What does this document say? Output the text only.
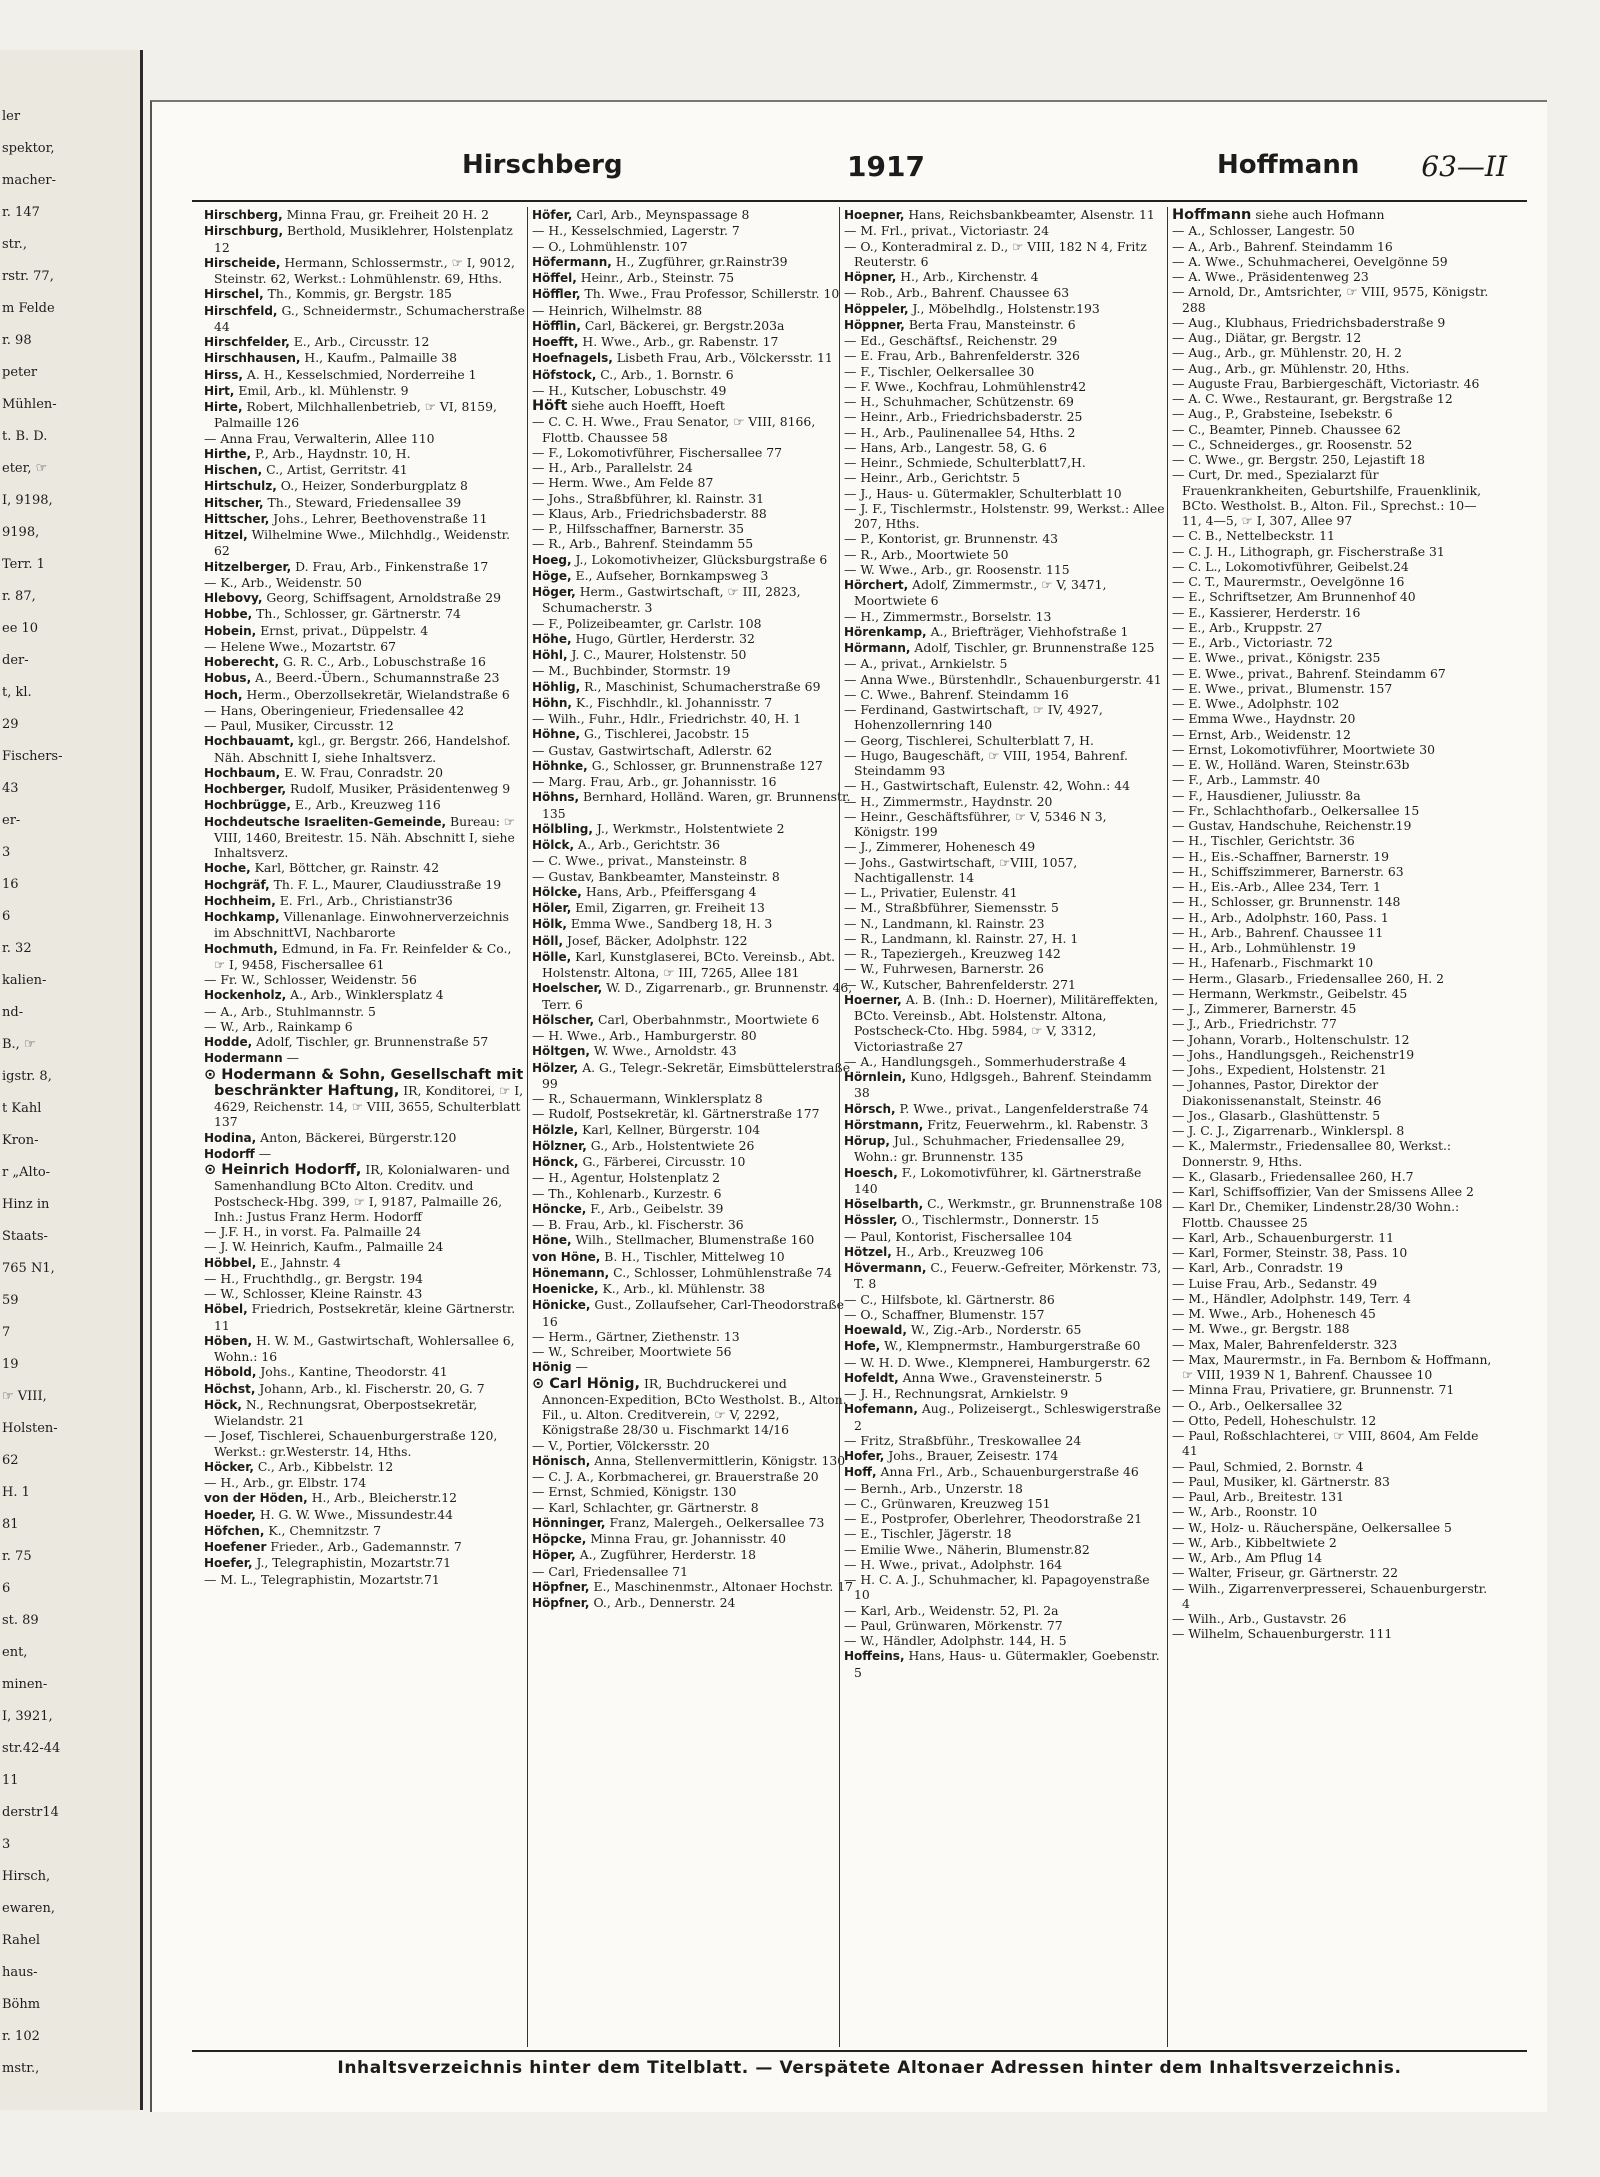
ler
spektor,
macher-
r. 147
str.,
rstr. 77,
m Felde
r. 98
peter
Mühlen-
t. B. D.
eter, ☞
I, 9198,
9198,
Terr. 1
r. 87,
ee 10
der-
t, kl.
29
Fischers-
43
er-
3
16
6
r. 32
kalien-
nd-
B., ☞
igstr. 8,
t Kahl
Kron-
r „Alto-
Hinz in
Staats-
765 N1,
59
7
19
☞ VIII,
Holsten-
62
H. 1
81
r. 75
6
st. 89
ent,
minen-
I, 3921,
str.42-44
11
derstr14
3
Hirsch,
ewaren,
Rahel
haus-
Böhm
r. 102
mstr.,
Hirschberg	1917	Hoffmann 63—II

Hirschberg, Minna Frau, gr. Freiheit 20 H. 2

Hirschburg, Berthold, Musiklehrer, Holstenplatz 12

Hirscheide, Hermann, Schlossermstr., ☞ I, 9012, Steinstr. 62, Werkst.: Lohmühlenstr. 69, Hths.

Hirschel, Th., Kommis, gr. Bergstr. 185

Hirschfeld, G., Schneidermstr., Schumacherstraße 44

Hirschfelder, E., Arb., Circusstr. 12

Hirschhausen, H., Kaufm., Palmaille 38

Hirss, A. H., Kesselschmied, Norderreihe 1

Hirt, Emil, Arb., kl. Mühlenstr. 9

Hirte, Robert, Milchhallenbetrieb, ☞ VI, 8159, Palmaille 126

— Anna Frau, Verwalterin, Allee 110

Hirthe, P., Arb., Haydnstr. 10, H.

Hischen, C., Artist, Gerritstr. 41

Hirtschulz, O., Heizer, Sonderburgplatz 8

Hitscher, Th., Steward, Friedensallee 39

Hittscher, Johs., Lehrer, Beethovenstraße 11

Hitzel, Wilhelmine Wwe., Milchhdlg., Weidenstr. 62

Hitzelberger, D. Frau, Arb., Finkenstraße 17

— K., Arb., Weidenstr. 50

Hlebovy, Georg, Schiffsagent, Arnoldstraße 29

Hobbe, Th., Schlosser, gr. Gärtnerstr. 74

Hobein, Ernst, privat., Düppelstr. 4

— Helene Wwe., Mozartstr. 67

Hoberecht, G. R. C., Arb., Lobuschstraße 16

Hobus, A., Beerd.-Übern., Schumannstraße 23

Hoch, Herm., Oberzollsekretär, Wielandstraße 6

— Hans, Oberingenieur, Friedensallee 42

— Paul, Musiker, Circusstr. 12

Hochbauamt, kgl., gr. Bergstr. 266, Handelshof. Näh. Abschnitt I, siehe Inhaltsverz.

Hochbaum, E. W. Frau, Conradstr. 20

Hochberger, Rudolf, Musiker, Präsidentenweg 9

Hochbrügge, E., Arb., Kreuzweg 116

Hochdeutsche Israeliten-Gemeinde, Bureau: ☞ VIII, 1460, Breitestr. 15. Näh. Abschnitt I, siehe Inhaltsverz.

Hoche, Karl, Böttcher, gr. Rainstr. 42

Hochgräf, Th. F. L., Maurer, Claudiusstraße 19

Hochheim, E. Frl., Arb., Christianstr36

Hochkamp, Villenanlage. Einwohnerverzeichnis im AbschnittVI, Nachbarorte

Hochmuth, Edmund, in Fa. Fr. Reinfelder & Co., ☞ I, 9458, Fischersallee 61

— Fr. W., Schlosser, Weidenstr. 56

Hockenholz, A., Arb., Winklersplatz 4

— A., Arb., Stuhlmannstr. 5

— W., Arb., Rainkamp 6

Hodde, Adolf, Tischler, gr. Brunnenstraße 57

Hodermann —

⊙ Hodermann & Sohn, Gesellschaft mit beschränkter Haftung, IR, Konditorei, ☞ I, 4629, Reichenstr. 14, ☞ VIII, 3655, Schulterblatt 137

Hodina, Anton, Bäckerei, Bürgerstr.120

Hodorff —

⊙ Heinrich Hodorff, IR, Kolonialwaren- und Samenhandlung BCto Alton. Creditv. und Postscheck-Hbg. 399, ☞ I, 9187, Palmaille 26, Inh.: Justus Franz Herm. Hodorff

— J.F. H., in vorst. Fa. Palmaille 24

— J. W. Heinrich, Kaufm., Palmaille 24

Höbbel, E., Jahnstr. 4

— H., Fruchthdlg., gr. Bergstr. 194

— W., Schlosser, Kleine Rainstr. 43

Höbel, Friedrich, Postsekretär, kleine Gärtnerstr. 11

Höben, H. W. M., Gastwirtschaft, Wohlersallee 6, Wohn.: 16

Höbold, Johs., Kantine, Theodorstr. 41

Höchst, Johann, Arb., kl. Fischerstr. 20, G. 7

Höck, N., Rechnungsrat, Oberpostsekretär, Wielandstr. 21

— Josef, Tischlerei, Schauenburgerstraße 120, Werkst.: gr.Westerstr. 14, Hths.

Höcker, C., Arb., Kibbelstr. 12

— H., Arb., gr. Elbstr. 174

von der Höden, H., Arb., Bleicherstr.12

Hoeder, H. G. W. Wwe., Missundestr.44

Höfchen, K., Chemnitzstr. 7

Hoefener Frieder., Arb., Gademannstr. 7

Hoefer, J., Telegraphistin, Mozartstr.71

— M. L., Telegraphistin, Mozartstr.71

Höfer, Carl, Arb., Meynspassage 8

— H., Kesselschmied, Lagerstr. 7

— O., Lohmühlenstr. 107

Höfermann, H., Zugführer, gr.Rainstr39

Höffel, Heinr., Arb., Steinstr. 75

Höffler, Th. Wwe., Frau Professor, Schillerstr. 10

— Heinrich, Wilhelmstr. 88

Höfflin, Carl, Bäckerei, gr. Bergstr.203a

Hoefft, H. Wwe., Arb., gr. Rabenstr. 17

Hoefnagels, Lisbeth Frau, Arb., Völckersstr. 11

Höfstock, C., Arb., 1. Bornstr. 6

— H., Kutscher, Lobuschstr. 49

Höft siehe auch Hoefft, Hoeft

— C. C. H. Wwe., Frau Senator, ☞ VIII, 8166, Flottb. Chaussee 58

— F., Lokomotivführer, Fischersallee 77

— H., Arb., Parallelstr. 24

— Herm. Wwe., Am Felde 87

— Johs., Straßbführer, kl. Rainstr. 31

— Klaus, Arb., Friedrichsbaderstr. 88

— P., Hilfsschaffner, Barnerstr. 35

— R., Arb., Bahrenf. Steindamm 55

Hoeg, J., Lokomotivheizer, Glücksburgstraße 6

Höge, E., Aufseher, Bornkampsweg 3

Höger, Herm., Gastwirtschaft, ☞ III, 2823, Schumacherstr. 3

— F., Polizeibeamter, gr. Carlstr. 108

Höhe, Hugo, Gürtler, Herderstr. 32

Höhl, J. C., Maurer, Holstenstr. 50

— M., Buchbinder, Stormstr. 19

Höhlig, R., Maschinist, Schumacherstraße 69

Höhn, K., Fischhdlr., kl. Johannisstr. 7

— Wilh., Fuhr., Hdlr., Friedrichstr. 40, H. 1

Höhne, G., Tischlerei, Jacobstr. 15

— Gustav, Gastwirtschaft, Adlerstr. 62

Höhnke, G., Schlosser, gr. Brunnenstraße 127

— Marg. Frau, Arb., gr. Johannisstr. 16

Höhns, Bernhard, Holländ. Waren, gr. Brunnenstr. 135

Hölbling, J., Werkmstr., Holstentwiete 2

Hölck, A., Arb., Gerichtstr. 36

— C. Wwe., privat., Mansteinstr. 8

— Gustav, Bankbeamter, Mansteinstr. 8

Hölcke, Hans, Arb., Pfeiffersgang 4

Höler, Emil, Zigarren, gr. Freiheit 13

Hölk, Emma Wwe., Sandberg 18, H. 3

Höll, Josef, Bäcker, Adolphstr. 122

Hölle, Karl, Kunstglaserei, BCto. Vereinsb., Abt. Holstenstr. Altona, ☞ III, 7265, Allee 181

Hoelscher, W. D., Zigarrenarb., gr. Brunnenstr. 46, Terr. 6

Hölscher, Carl, Oberbahnmstr., Moortwiete 6

— H. Wwe., Arb., Hamburgerstr. 80

Höltgen, W. Wwe., Arnoldstr. 43

Hölzer, A. G., Telegr.-Sekretär, Eimsbüttelerstraße 99

— R., Schauermann, Winklersplatz 8

— Rudolf, Postsekretär, kl. Gärtnerstraße 177

Hölzle, Karl, Kellner, Bürgerstr. 104

Hölzner, G., Arb., Holstentwiete 26

Hönck, G., Färberei, Circusstr. 10

— H., Agentur, Holstenplatz 2

— Th., Kohlenarb., Kurzestr. 6

Höncke, F., Arb., Geibelstr. 39

— B. Frau, Arb., kl. Fischerstr. 36

Höne, Wilh., Stellmacher, Blumenstraße 160

von Höne, B. H., Tischler, Mittelweg 10

Hönemann, C., Schlosser, Lohmühlenstraße 74

Hoenicke, K., Arb., kl. Mühlenstr. 38

Hönicke, Gust., Zollaufseher, Carl-Theodorstraße 16

— Herm., Gärtner, Ziethenstr. 13

— W., Schreiber, Moortwiete 56

Hönig —

⊙ Carl Hönig, IR, Buchdruckerei und Annoncen-Expedition, BCto Westholst. B., Alton. Fil., u. Alton. Creditverein, ☞ V, 2292, Königstraße 28/30 u. Fischmarkt 14/16

— V., Portier, Völckersstr. 20

Hönisch, Anna, Stellenvermittlerin, Königstr. 130

— C. J. A., Korbmacherei, gr. Brauerstraße 20

— Ernst, Schmied, Königstr. 130

— Karl, Schlachter, gr. Gärtnerstr. 8

Hönninger, Franz, Malergeh., Oelkersallee 73

Höpcke, Minna Frau, gr. Johannisstr. 40

Höper, A., Zugführer, Herderstr. 18

— Carl, Friedensallee 71

Höpfner, E., Maschinenmstr., Altonaer Hochstr. 17

Höpfner, O., Arb., Dennerstr. 24

Hoepner, Hans, Reichsbankbeamter, Alsenstr. 11

— M. Frl., privat., Victoriastr. 24

— O., Konteradmiral z. D., ☞ VIII, 182 N 4, Fritz Reuterstr. 6

Höpner, H., Arb., Kirchenstr. 4

— Rob., Arb., Bahrenf. Chaussee 63

Höppeler, J., Möbelhdlg., Holstenstr.193

Höppner, Berta Frau, Mansteinstr. 6

— Ed., Geschäftsf., Reichenstr. 29

— E. Frau, Arb., Bahrenfelderstr. 326

— F., Tischler, Oelkersallee 30

— F. Wwe., Kochfrau, Lohmühlenstr42

— H., Schuhmacher, Schützenstr. 69

— Heinr., Arb., Friedrichsbaderstr. 25

— H., Arb., Paulinenallee 54, Hths. 2

— Hans, Arb., Langestr. 58, G. 6

— Heinr., Schmiede, Schulterblatt7,H.

— Heinr., Arb., Gerichtstr. 5

— J., Haus- u. Gütermakler, Schulterblatt 10

— J. F., Tischlermstr., Holstenstr. 99, Werkst.: Allee 207, Hths.

— P., Kontorist, gr. Brunnenstr. 43

— R., Arb., Moortwiete 50

— W. Wwe., Arb., gr. Roosenstr. 115

Hörchert, Adolf, Zimmermstr., ☞ V, 3471, Moortwiete 6

— H., Zimmermstr., Borselstr. 13

Hörenkamp, A., Briefträger, Viehhofstraße 1

Hörmann, Adolf, Tischler, gr. Brunnenstraße 125

— A., privat., Arnkielstr. 5

— Anna Wwe., Bürstenhdlr., Schauenburgerstr. 41

— C. Wwe., Bahrenf. Steindamm 16

— Ferdinand, Gastwirtschaft, ☞ IV, 4927, Hohenzollernring 140

— Georg, Tischlerei, Schulterblatt 7, H.

— Hugo, Baugeschäft, ☞ VIII, 1954, Bahrenf. Steindamm 93

— H., Gastwirtschaft, Eulenstr. 42, Wohn.: 44

— H., Zimmermstr., Haydnstr. 20

— Heinr., Geschäftsführer, ☞ V, 5346 N 3, Königstr. 199

— J., Zimmerer, Hohenesch 49

— Johs., Gastwirtschaft, ☞VIII, 1057, Nachtigallenstr. 14

— L., Privatier, Eulenstr. 41

— M., Straßbführer, Siemensstr. 5

— N., Landmann, kl. Rainstr. 23

— R., Landmann, kl. Rainstr. 27, H. 1

— R., Tapeziergeh., Kreuzweg 142

— W., Fuhrwesen, Barnerstr. 26

— W., Kutscher, Bahrenfelderstr. 271

Hoerner, A. B. (Inh.: D. Hoerner), Militäreffekten, BCto. Vereinsb., Abt. Holstenstr. Altona, Postscheck-Cto. Hbg. 5984, ☞ V, 3312, Victoriastraße 27

— A., Handlungsgeh., Sommerhuderstraße 4

Hörnlein, Kuno, Hdlgsgeh., Bahrenf. Steindamm 38

Hörsch, P. Wwe., privat., Langenfelderstraße 74

Hörstmann, Fritz, Feuerwehrm., kl. Rabenstr. 3

Hörup, Jul., Schuhmacher, Friedensallee 29, Wohn.: gr. Brunnenstr. 135

Hoesch, F., Lokomotivführer, kl. Gärtnerstraße 140

Höselbarth, C., Werkmstr., gr. Brunnenstraße 108

Hössler, O., Tischlermstr., Donnerstr. 15

— Paul, Kontorist, Fischersallee 104

Hötzel, H., Arb., Kreuzweg 106

Hövermann, C., Feuerw.-Gefreiter, Mörkenstr. 73, T. 8

— C., Hilfsbote, kl. Gärtnerstr. 86

— O., Schaffner, Blumenstr. 157

Hoewald, W., Zig.-Arb., Norderstr. 65

Hofe, W., Klempnermstr., Hamburgerstraße 60

— W. H. D. Wwe., Klempnerei, Hamburgerstr. 62

Hofeldt, Anna Wwe., Gravensteinerstr. 5

— J. H., Rechnungsrat, Arnkielstr. 9

Hofemann, Aug., Polizeisergt., Schleswigerstraße 2

— Fritz, Straßbführ., Treskowallee 24

Hofer, Johs., Brauer, Zeisestr. 174

Hoff, Anna Frl., Arb., Schauenburgerstraße 46

— Bernh., Arb., Unzerstr. 18

— C., Grünwaren, Kreuzweg 151

— E., Postprofer, Oberlehrer, Theodorstraße 21

— E., Tischler, Jägerstr. 18

— Emilie Wwe., Näherin, Blumenstr.82

— H. Wwe., privat., Adolphstr. 164

— H. C. A. J., Schuhmacher, kl. Papagoyenstraße 10

— Karl, Arb., Weidenstr. 52, Pl. 2a

— Paul, Grünwaren, Mörkenstr. 77

— W., Händler, Adolphstr. 144, H. 5

Hoffeins, Hans, Haus- u. Gütermakler, Goebenstr. 5

Hoffmann siehe auch Hofmann

— A., Schlosser, Langestr. 50

— A., Arb., Bahrenf. Steindamm 16

— A. Wwe., Schuhmacherei, Oevelgönne 59

— A. Wwe., Präsidentenweg 23

— Arnold, Dr., Amtsrichter, ☞ VIII, 9575, Königstr. 288

— Aug., Klubhaus, Friedrichsbaderstraße 9

— Aug., Diätar, gr. Bergstr. 12

— Aug., Arb., gr. Mühlenstr. 20, H. 2

— Aug., Arb., gr. Mühlenstr. 20, Hths.

— Auguste Frau, Barbiergeschäft, Victoriastr. 46

— A. C. Wwe., Restaurant, gr. Bergstraße 12

— Aug., P., Grabsteine, Isebekstr. 6

— C., Beamter, Pinneb. Chaussee 62

— C., Schneiderges., gr. Roosenstr. 52

— C. Wwe., gr. Bergstr. 250, Lejastift 18

— Curt, Dr. med., Spezialarzt für Frauenkrankheiten, Geburtshilfe, Frauenklinik, BCto. Westholst. B., Alton. Fil., Sprechst.: 10—11, 4—5, ☞ I, 307, Allee 97

— C. B., Nettelbeckstr. 11

— C. J. H., Lithograph, gr. Fischerstraße 31

— C. L., Lokomotivführer, Geibelst.24

— C. T., Maurermstr., Oevelgönne 16

— E., Schriftsetzer, Am Brunnenhof 40

— E., Kassierer, Herderstr. 16

— E., Arb., Kruppstr. 27

— E., Arb., Victoriastr. 72

— E. Wwe., privat., Königstr. 235

— E. Wwe., privat., Bahrenf. Steindamm 67

— E. Wwe., privat., Blumenstr. 157

— E. Wwe., Adolphstr. 102

— Emma Wwe., Haydnstr. 20

— Ernst, Arb., Weidenstr. 12

— Ernst, Lokomotivführer, Moortwiete 30

— E. W., Holländ. Waren, Steinstr.63b

— F., Arb., Lammstr. 40

— F., Hausdiener, Juliusstr. 8a

— Fr., Schlachthofarb., Oelkersallee 15

— Gustav, Handschuhe, Reichenstr.19

— H., Tischler, Gerichtstr. 36

— H., Eis.-Schaffner, Barnerstr. 19

— H., Schiffszimmerer, Barnerstr. 63

— H., Eis.-Arb., Allee 234, Terr. 1

— H., Schlosser, gr. Brunnenstr. 148

— H., Arb., Adolphstr. 160, Pass. 1

— H., Arb., Bahrenf. Chaussee 11

— H., Arb., Lohmühlenstr. 19

— H., Hafenarb., Fischmarkt 10

— Herm., Glasarb., Friedensallee 260, H. 2

— Hermann, Werkmstr., Geibelstr. 45

— J., Zimmerer, Barnerstr. 45

— J., Arb., Friedrichstr. 77

— Johann, Vorarb., Holtenschulstr. 12

— Johs., Handlungsgeh., Reichenstr19

— Johs., Expedient, Holstenstr. 21

— Johannes, Pastor, Direktor der Diakonissenanstalt, Steinstr. 46

— Jos., Glasarb., Glashüttenstr. 5

— J. C. J., Zigarrenarb., Winklerspl. 8

— K., Malermstr., Friedensallee 80, Werkst.: Donnerstr. 9, Hths.

— K., Glasarb., Friedensallee 260, H.7

— Karl, Schiffsoffizier, Van der Smissens Allee 2

— Karl Dr., Chemiker, Lindenstr.28/30 Wohn.: Flottb. Chaussee 25

— Karl, Arb., Schauenburgerstr. 11

— Karl, Former, Steinstr. 38, Pass. 10

— Karl, Arb., Conradstr. 19

— Luise Frau, Arb., Sedanstr. 49

— M., Händler, Adolphstr. 149, Terr. 4

— M. Wwe., Arb., Hohenesch 45

— M. Wwe., gr. Bergstr. 188

— Max, Maler, Bahrenfelderstr. 323

— Max, Maurermstr., in Fa. Bernbom & Hoffmann, ☞ VIII, 1939 N 1, Bahrenf. Chaussee 10

— Minna Frau, Privatiere, gr. Brunnenstr. 71

— O., Arb., Oelkersallee 32

— Otto, Pedell, Hoheschulstr. 12

— Paul, Roßschlachterei, ☞ VIII, 8604, Am Felde 41

— Paul, Schmied, 2. Bornstr. 4

— Paul, Musiker, kl. Gärtnerstr. 83

— Paul, Arb., Breitestr. 131

— W., Arb., Roonstr. 10

— W., Holz- u. Räucherspäne, Oelkersallee 5

— W., Arb., Kibbeltwiete 2

— W., Arb., Am Pflug 14

— Walter, Friseur, gr. Gärtnerstr. 22

— Wilh., Zigarrenverpresserei, Schauenburgerstr. 4

— Wilh., Arb., Gustavstr. 26

— Wilhelm, Schauenburgerstr. 111

Inhaltsverzeichnis hinter dem Titelblatt. — Verspätete Altonaer Adressen hinter dem Inhaltsverzeichnis.
